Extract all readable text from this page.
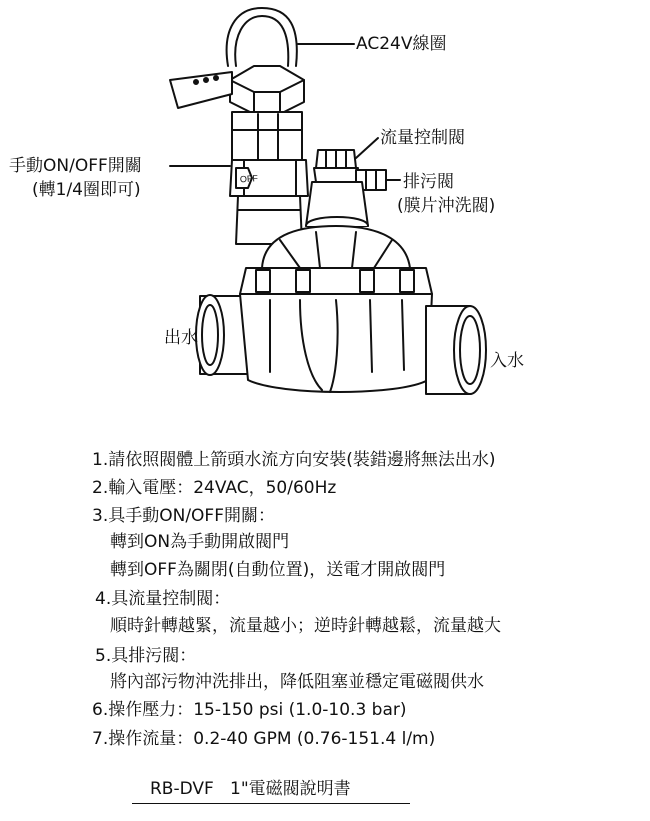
OFF
AC24V線圈
手動ON/OFF開關
(轉1/4圈即可)
流量控制閥
排污閥
(膜片沖洗閥)
出水
入水
1.請依照閥體上箭頭水流方向安裝(裝錯邊將無法出水)
2.輸入電壓：24VAC，50/60Hz
3.具手動ON/OFF開關：
轉到ON為手動開啟閥門
轉到OFF為關閉(自動位置)，送電才開啟閥門
4.具流量控制閥：
順時針轉越緊，流量越小；逆時針轉越鬆，流量越大
5.具排污閥：
將內部污物沖洗排出，降低阻塞並穩定電磁閥供水
6.操作壓力：15-150 psi (1.0-10.3 bar)
7.操作流量：0.2-40 GPM (0.76-151.4 l/m)
RB-DVF   1"電磁閥說明書
